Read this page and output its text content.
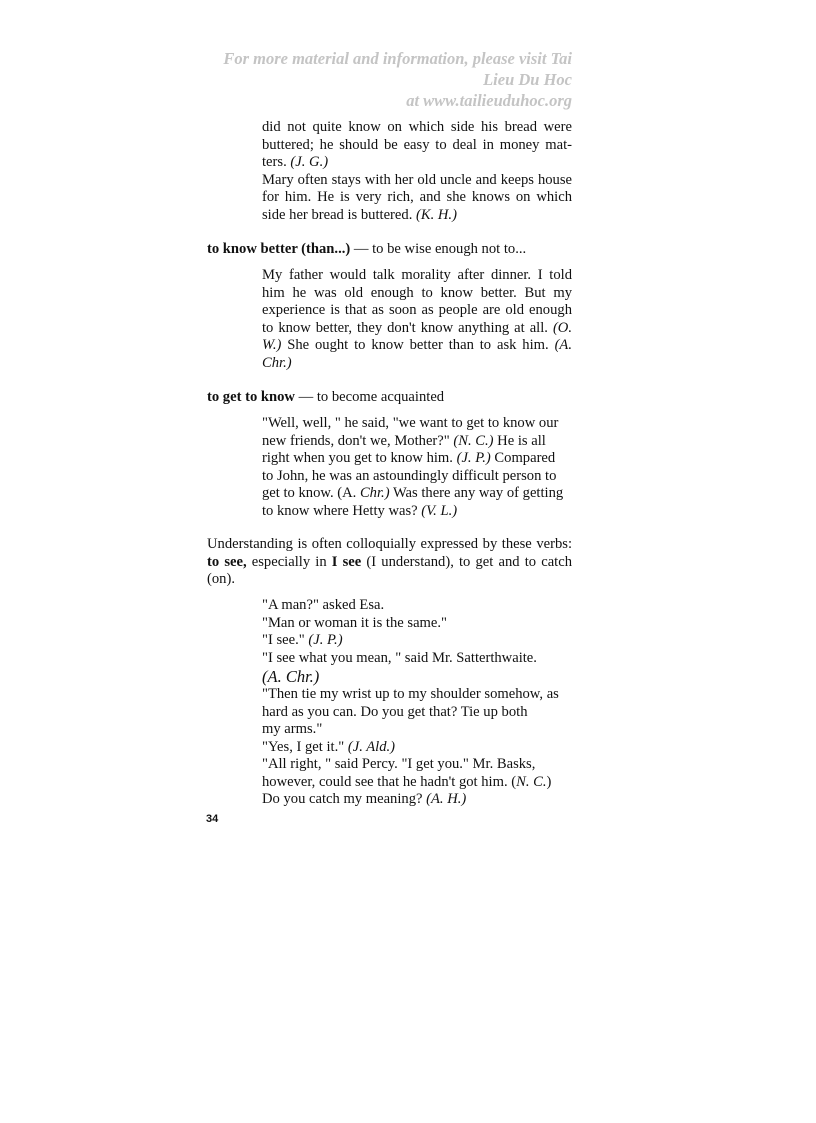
For more material and information, please visit Tai
Lieu Du Hoc
at www.tailieuduhoc.org
did not quite know on which side his bread were buttered; he should be easy to deal in money mat-ters. (J. G.)
Mary often stays with her old uncle and keeps house for him. He is very rich, and she knows on which side her bread is buttered. (K. H.)
to know better (than...) — to be wise enough not to...
My father would talk morality after dinner. I told him he was old enough to know better. But my experience is that as soon as people are old enough to know better, they don't know anything at all. (O. W.) She ought to know better than to ask him. (A. Chr.)
to get to know — to become acquainted
"Well, well, " he said, "we want to get to know our new friends, don't we, Mother?" (N. C.) He is all right when you get to know him. (J. P.) Compared to John, he was an astoundingly difficult person to get to know. (A. Chr.) Was there any way of getting to know where Hetty was? (V. L.)
Understanding is often colloquially expressed by these verbs: to see, especially in I see (I understand), to get and to catch (on).
"A man?" asked Esa.
"Man or woman it is the same."
"I see." (J. P.)
"I see what you mean, " said Mr. Satterthwaite.
(A. Chr.)
"Then tie my wrist up to my shoulder somehow, as
hard as you can. Do you get that? Tie up both
my arms."
"Yes, I get it." (J. Ald.)
"All right, " said Percy. "I get you." Mr. Basks,
however, could see that he hadn't got him. (N. C.)
Do you catch my meaning? (A. H.)
34
